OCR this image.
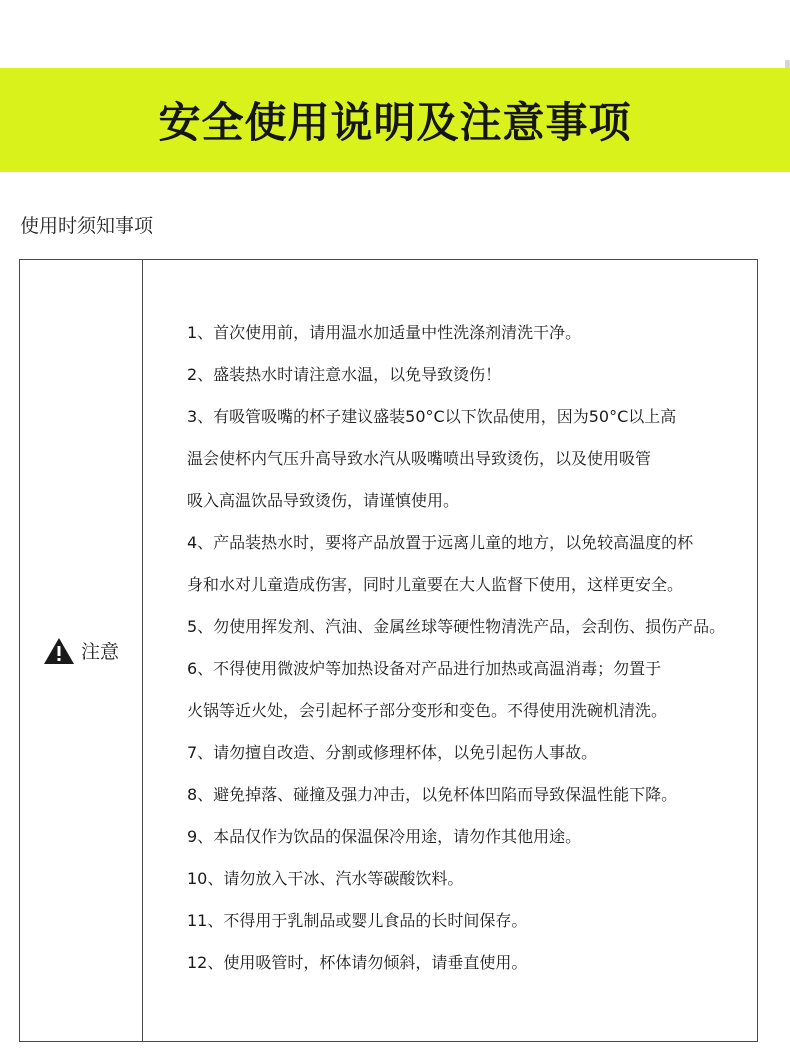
安全使用说明及注意事项
使用时须知事项
注意

1、首次使用前，请用温水加适量中性洗涤剂清洗干净。

2、盛装热水时请注意水温，以免导致烫伤！

3、有吸管吸嘴的杯子建议盛装50°C以下饮品使用，因为50°C以上高

温会使杯内气压升高导致水汽从吸嘴喷出导致烫伤，以及使用吸管

吸入高温饮品导致烫伤，请谨慎使用。

4、产品装热水时，要将产品放置于远离儿童的地方，以免较高温度的杯

身和水对儿童造成伤害，同时儿童要在大人监督下使用，这样更安全。

5、勿使用挥发剂、汽油、金属丝球等硬性物清洗产品，会刮伤、损伤产品。

6、不得使用微波炉等加热设备对产品进行加热或高温消毒；勿置于

火锅等近火处，会引起杯子部分变形和变色。不得使用洗碗机清洗。

7、请勿擅自改造、分割或修理杯体，以免引起伤人事故。

8、避免掉落、碰撞及强力冲击，以免杯体凹陷而导致保温性能下降。

9、本品仅作为饮品的保温保冷用途，请勿作其他用途。

10、请勿放入干冰、汽水等碳酸饮料。

11、不得用于乳制品或婴儿食品的长时间保存。

12、使用吸管时，杯体请勿倾斜，请垂直使用。
